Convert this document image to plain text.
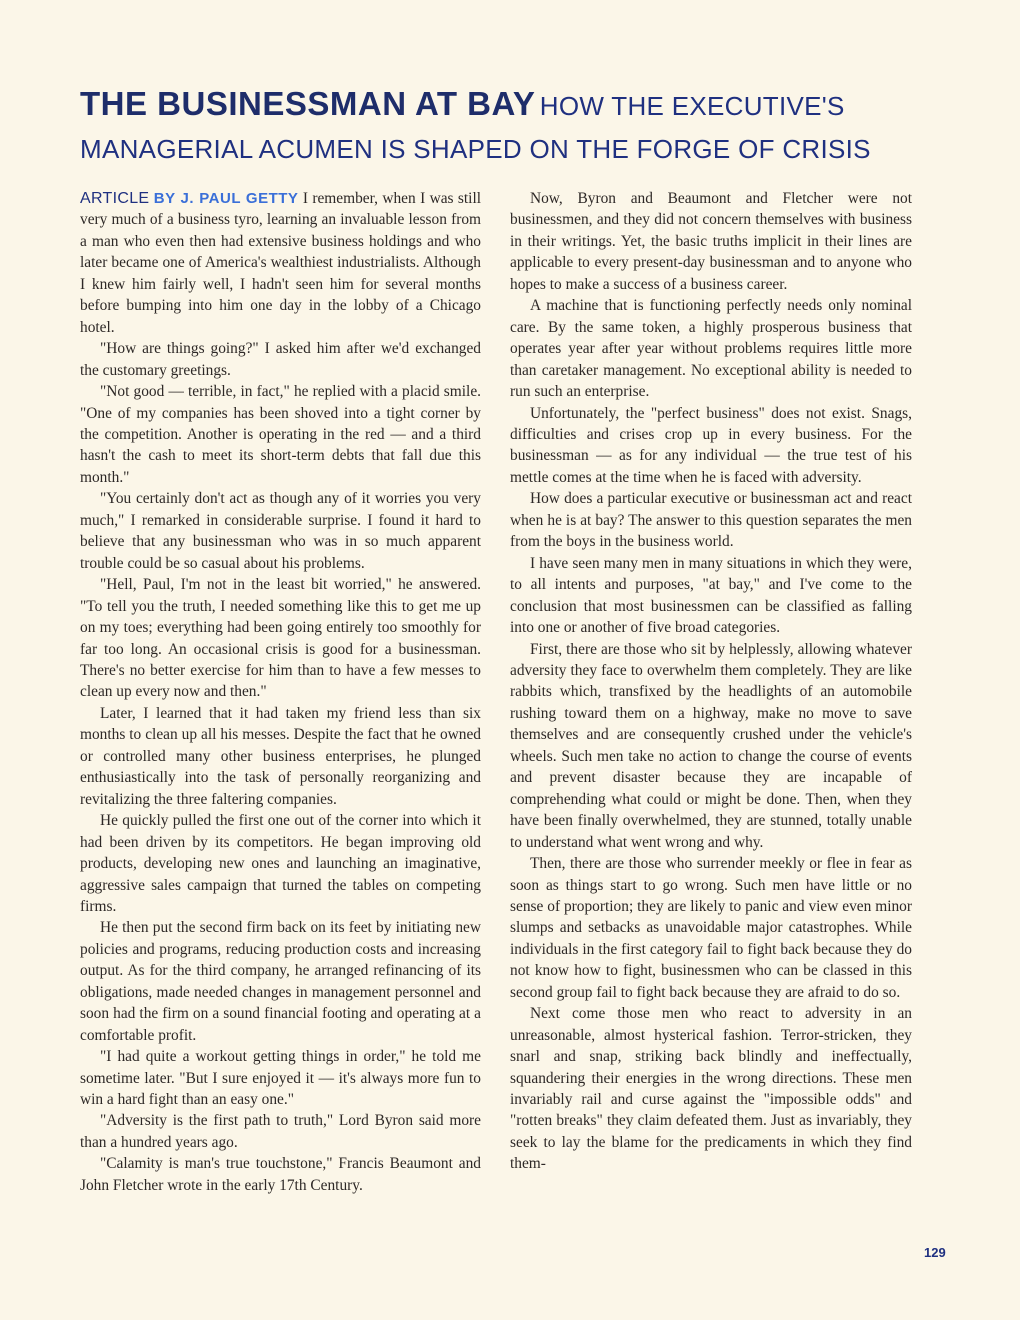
THE BUSINESSMAN AT BAY HOW THE EXECUTIVE'S
MANAGERIAL ACUMEN IS SHAPED ON THE FORGE OF CRISIS

ARTICLE BY J. PAUL GETTY I remember, when I was still very much of a business tyro, learning an invaluable lesson from a man who even then had extensive business holdings and who later became one of America's wealthiest industrialists. Although I knew him fairly well, I hadn't seen him for several months before bumping into him one day in the lobby of a Chicago hotel.

"How are things going?" I asked him after we'd exchanged the customary greetings.

"Not good — terrible, in fact," he replied with a placid smile. "One of my companies has been shoved into a tight corner by the competition. Another is operating in the red — and a third hasn't the cash to meet its short-term debts that fall due this month."

"You certainly don't act as though any of it worries you very much," I remarked in considerable surprise. I found it hard to believe that any businessman who was in so much apparent trouble could be so casual about his problems.

"Hell, Paul, I'm not in the least bit worried," he answered. "To tell you the truth, I needed something like this to get me up on my toes; everything had been going entirely too smoothly for far too long. An occasional crisis is good for a businessman. There's no better exercise for him than to have a few messes to clean up every now and then."

Later, I learned that it had taken my friend less than six months to clean up all his messes. Despite the fact that he owned or controlled many other business enterprises, he plunged enthusiastically into the task of personally reorganizing and revitalizing the three faltering companies.

He quickly pulled the first one out of the corner into which it had been driven by its competitors. He began improving old products, developing new ones and launching an imaginative, aggressive sales campaign that turned the tables on competing firms.

He then put the second firm back on its feet by initiating new policies and programs, reducing production costs and increasing output. As for the third company, he arranged refinancing of its obligations, made needed changes in management personnel and soon had the firm on a sound financial footing and operating at a comfortable profit.

"I had quite a workout getting things in order," he told me sometime later. "But I sure enjoyed it — it's always more fun to win a hard fight than an easy one."

"Adversity is the first path to truth," Lord Byron said more than a hundred years ago.

"Calamity is man's true touchstone," Francis Beaumont and John Fletcher wrote in the early 17th Century.

Now, Byron and Beaumont and Fletcher were not businessmen, and they did not concern themselves with business in their writings. Yet, the basic truths implicit in their lines are applicable to every present-day businessman and to anyone who hopes to make a success of a business career.

A machine that is functioning perfectly needs only nominal care. By the same token, a highly prosperous business that operates year after year without problems requires little more than caretaker management. No exceptional ability is needed to run such an enterprise.

Unfortunately, the "perfect business" does not exist. Snags, difficulties and crises crop up in every business. For the businessman — as for any individual — the true test of his mettle comes at the time when he is faced with adversity.

How does a particular executive or businessman act and react when he is at bay? The answer to this question separates the men from the boys in the business world.

I have seen many men in many situations in which they were, to all intents and purposes, "at bay," and I've come to the conclusion that most businessmen can be classified as falling into one or another of five broad categories.

First, there are those who sit by helplessly, allowing whatever adversity they face to overwhelm them completely. They are like rabbits which, transfixed by the headlights of an automobile rushing toward them on a highway, make no move to save themselves and are consequently crushed under the vehicle's wheels. Such men take no action to change the course of events and prevent disaster because they are incapable of comprehending what could or might be done. Then, when they have been finally overwhelmed, they are stunned, totally unable to understand what went wrong and why.

Then, there are those who surrender meekly or flee in fear as soon as things start to go wrong. Such men have little or no sense of proportion; they are likely to panic and view even minor slumps and setbacks as unavoidable major catastrophes. While individuals in the first category fail to fight back because they do not know how to fight, businessmen who can be classed in this second group fail to fight back because they are afraid to do so.

Next come those men who react to adversity in an unreasonable, almost hysterical fashion. Terror-stricken, they snarl and snap, striking back blindly and ineffectually, squandering their energies in the wrong directions. These men invariably rail and curse against the "impossible odds" and "rotten breaks" they claim defeated them. Just as invariably, they seek to lay the blame for the predicaments in which they find them-

129
